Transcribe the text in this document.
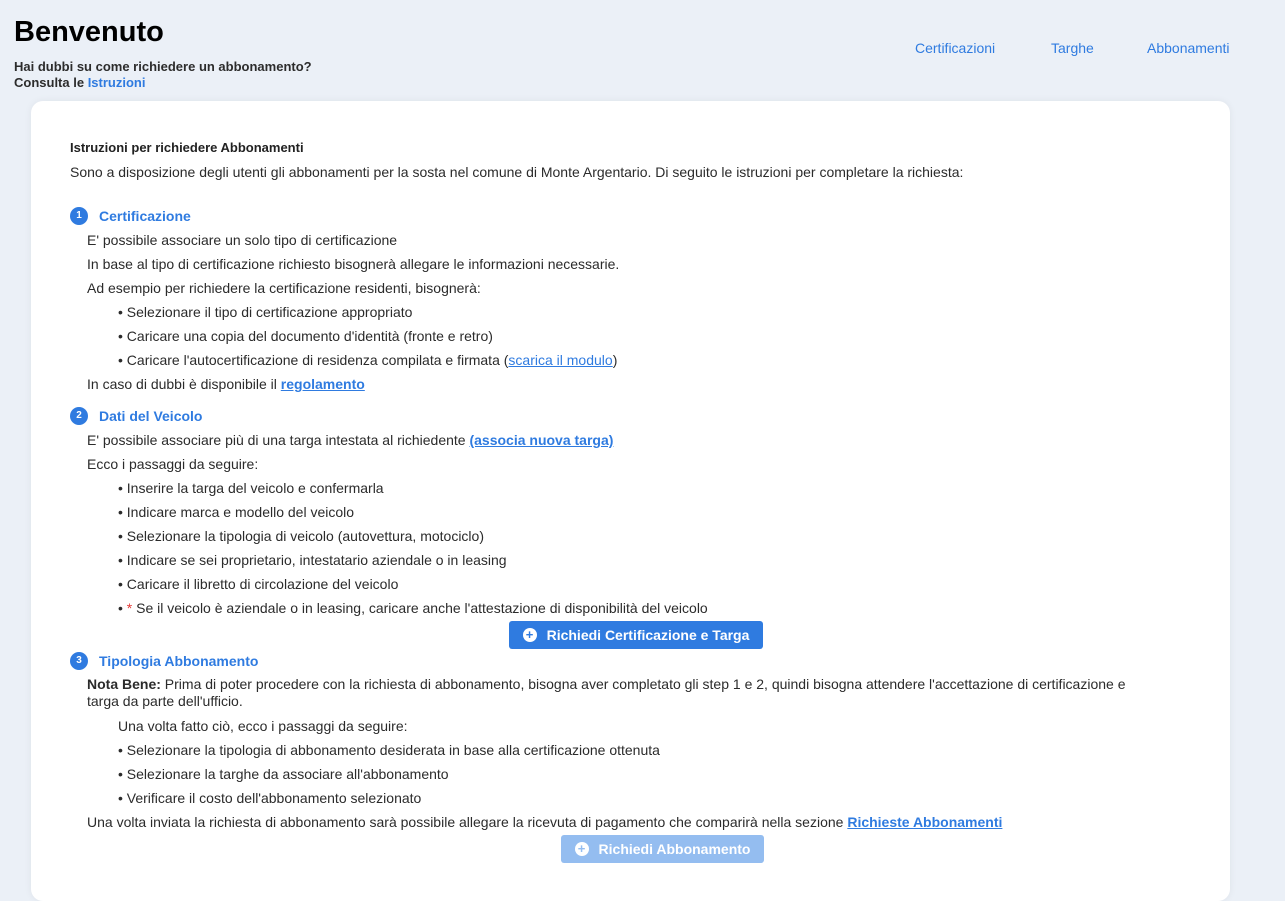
Benvenuto
Hai dubbi su come richiedere un abbonamento?
Consulta le Istruzioni
Certificazioni	Targhe	Abbonamenti
Istruzioni per richiedere Abbonamenti
Sono a disposizione degli utenti gli abbonamenti per la sosta nel comune di Monte Argentario. Di seguito le istruzioni per completare la richiesta:
1	Certificazione
E' possibile associare un solo tipo di certificazione
In base al tipo di certificazione richiesto bisognerà allegare le informazioni necessarie.
Ad esempio per richiedere la certificazione residenti, bisognerà:
• Selezionare il tipo di certificazione appropriato
• Caricare una copia del documento d'identità (fronte e retro)
• Caricare l'autocertificazione di residenza compilata e firmata (scarica il modulo)
In caso di dubbi è disponibile il regolamento
2	Dati del Veicolo
E' possibile associare più di una targa intestata al richiedente (associa nuova targa)
Ecco i passaggi da seguire:
• Inserire la targa del veicolo e confermarla
• Indicare marca e modello del veicolo
• Selezionare la tipologia di veicolo (autovettura, motociclo)
• Indicare se sei proprietario, intestatario aziendale o in leasing
• Caricare il libretto di circolazione del veicolo
• * Se il veicolo è aziendale o in leasing, caricare anche l'attestazione di disponibilità del veicolo
+ Richiedi Certificazione e Targa
3	Tipologia Abbonamento
Nota Bene: Prima di poter procedere con la richiesta di abbonamento, bisogna aver completato gli step 1 e 2, quindi bisogna attendere l'accettazione di certificazione e targa da parte dell'ufficio.
Una volta fatto ciò, ecco i passaggi da seguire:
• Selezionare la tipologia di abbonamento desiderata in base alla certificazione ottenuta
• Selezionare la targhe da associare all'abbonamento
• Verificare il costo dell'abbonamento selezionato
Una volta inviata la richiesta di abbonamento sarà possibile allegare la ricevuta di pagamento che comparirà nella sezione Richieste Abbonamenti
+ Richiedi Abbonamento
